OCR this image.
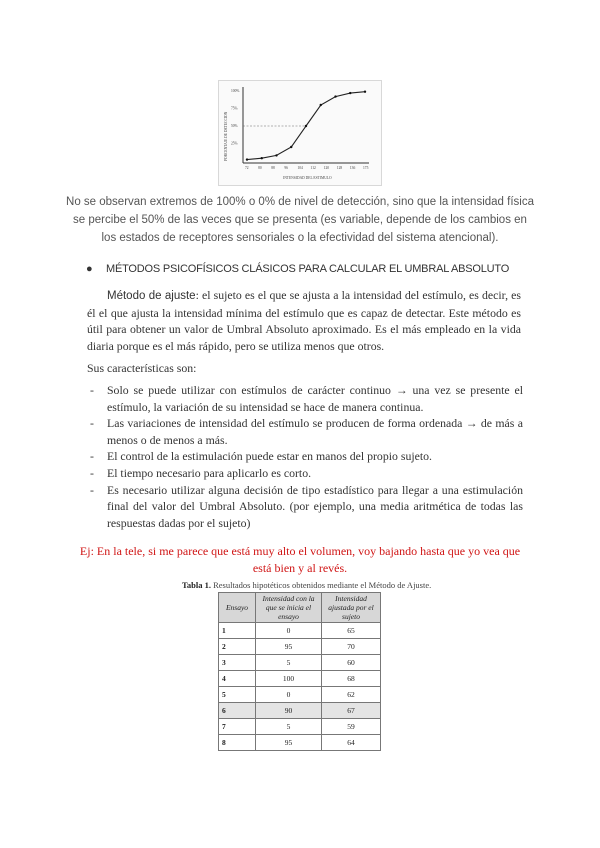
PORCENTAJE DE DETECCION
INTENSIDAD DEL ESTIMULO
100%
75%
50%
25%
72	80	88	96	104 112 120 128 136 175
No se observan extremos de 100% o 0% de nivel de detección, sino que la intensidad física se percibe el 50% de las veces que se presenta (es variable, depende de los cambios en los estados de receptores sensoriales o la efectividad del sistema atencional).
● MÉTODOS PSICOFÍSICOS CLÁSICOS PARA CALCULAR EL UMBRAL ABSOLUTO
Método de ajuste: el sujeto es el que se ajusta a la intensidad del estímulo, es decir, es él el que ajusta la intensidad mínima del estímulo que es capaz de detectar. Este método es útil para obtener un valor de Umbral Absoluto aproximado. Es el más empleado en la vida diaria porque es el más rápido, pero se utiliza menos que otros.
Sus características son:
- Solo se puede utilizar con estímulos de carácter continuo → una vez se presente el estímulo, la variación de su intensidad se hace de manera continua.
- Las variaciones de intensidad del estímulo se producen de forma ordenada → de más a menos o de menos a más.
- El control de la estimulación puede estar en manos del propio sujeto.
- El tiempo necesario para aplicarlo es corto.
- Es necesario utilizar alguna decisión de tipo estadístico para llegar a una estimulación final del valor del Umbral Absoluto. (por ejemplo, una media aritmética de todas las respuestas dadas por el sujeto)
Ej: En la tele, si me parece que está muy alto el volumen, voy bajando hasta que yo vea que está bien y al revés.
Tabla 1. Resultados hipotéticos obtenidos mediante el Método de Ajuste.
Ensayo	Intensidad con la que se inicia el ensayo	Intensidad ajustada por el sujeto
1	0	65
2	95	70
3	5	60
4	100	68
5	0	62
6	90	67
7	5	59
8	95	64
